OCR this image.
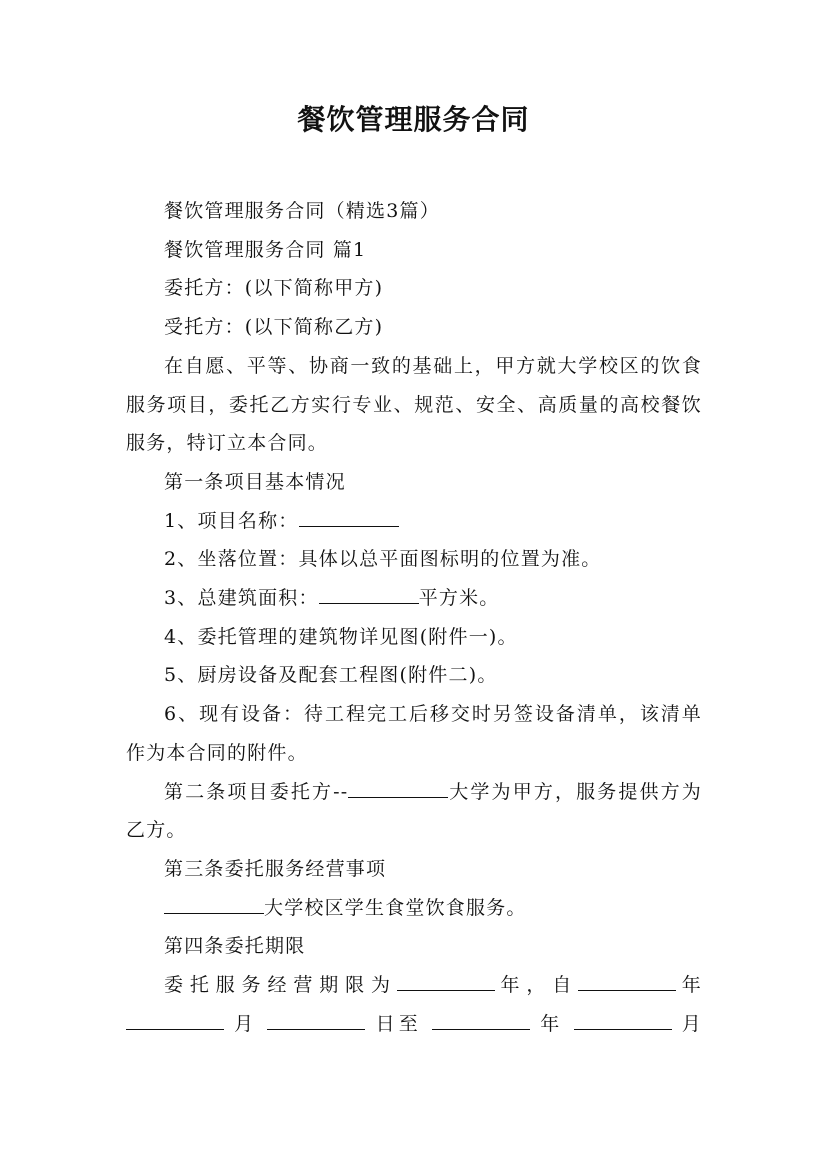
餐饮管理服务合同

餐饮管理服务合同（精选3篇）

餐饮管理服务合同 篇1

委托方：(以下简称甲方)

受托方：(以下简称乙方)

在自愿、平等、协商一致的基础上，甲方就大学校区的饮食服务项目，委托乙方实行专业、规范、安全、高质量的高校餐饮服务，特订立本合同。

第一条项目基本情况

1、项目名称：

2、坐落位置：具体以总平面图标明的位置为准。

3、总建筑面积：	平方米。

4、委托管理的建筑物详见图(附件一)。

5、厨房设备及配套工程图(附件二)。

6、现有设备：待工程完工后移交时另签设备清单，该清单作为本合同的附件。

第二条项目委托方--	大学为甲方，服务提供方为乙方。

第三条委托服务经营事项

大学校区学生食堂饮食服务。

第四条委托期限

委托服务经营期限为	年，自	年

月	日至	年	月
